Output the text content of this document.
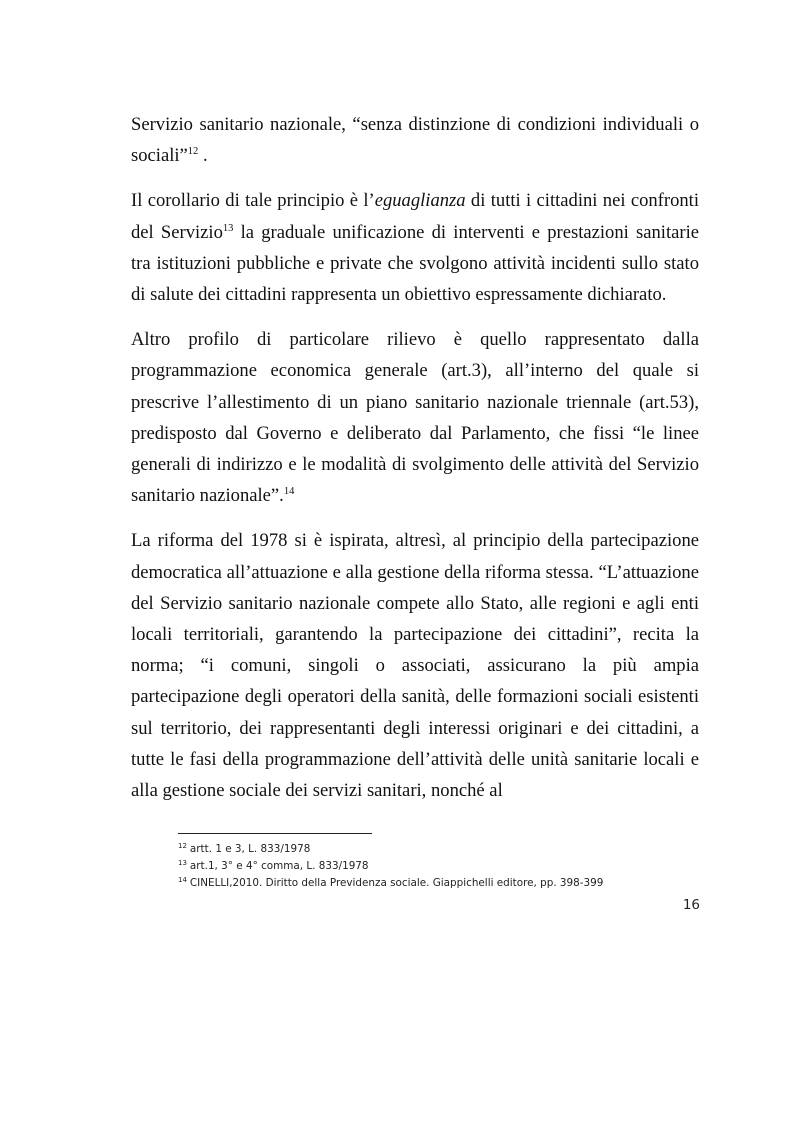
Servizio sanitario nazionale, “senza distinzione di condizioni individuali o sociali”$^{12}$ .

Il corollario di tale principio è l’eguaglianza di tutti i cittadini nei confronti del Servizio$^{13}$ la graduale unificazione di interventi e prestazioni sanitarie tra istituzioni pubbliche e private che svolgono attività incidenti sullo stato di salute dei cittadini rappresenta un obiettivo espressamente dichiarato.

Altro profilo di particolare rilievo è quello rappresentato dalla programmazione economica generale (art.3), all’interno del quale si prescrive l’allestimento di un piano sanitario nazionale triennale (art.53), predisposto dal Governo e deliberato dal Parlamento, che fissi “le linee generali di indirizzo e le modalità di svolgimento delle attività del Servizio sanitario nazionale”.$^{14}$

La riforma del 1978 si è ispirata, altresì, al principio della partecipazione democratica all’attuazione e alla gestione della riforma stessa. “L’attuazione del Servizio sanitario nazionale compete allo Stato, alle regioni e agli enti locali territoriali, garantendo la partecipazione dei cittadini”, recita la norma; “i comuni, singoli o associati, assicurano la più ampia partecipazione degli operatori della sanità, delle formazioni sociali esistenti sul territorio, dei rappresentanti degli interessi originari e dei cittadini, a tutte le fasi della programmazione dell’attività delle unità sanitarie locali e alla gestione sociale dei servizi sanitari, nonché al

$^{12}$ artt. 1 e 3, L. 833/1978
$^{13}$ art.1, 3° e 4° comma, L. 833/1978
$^{14}$ CINELLI,2010. Diritto della Previdenza sociale. Giappichelli editore, pp. 398-399
16
